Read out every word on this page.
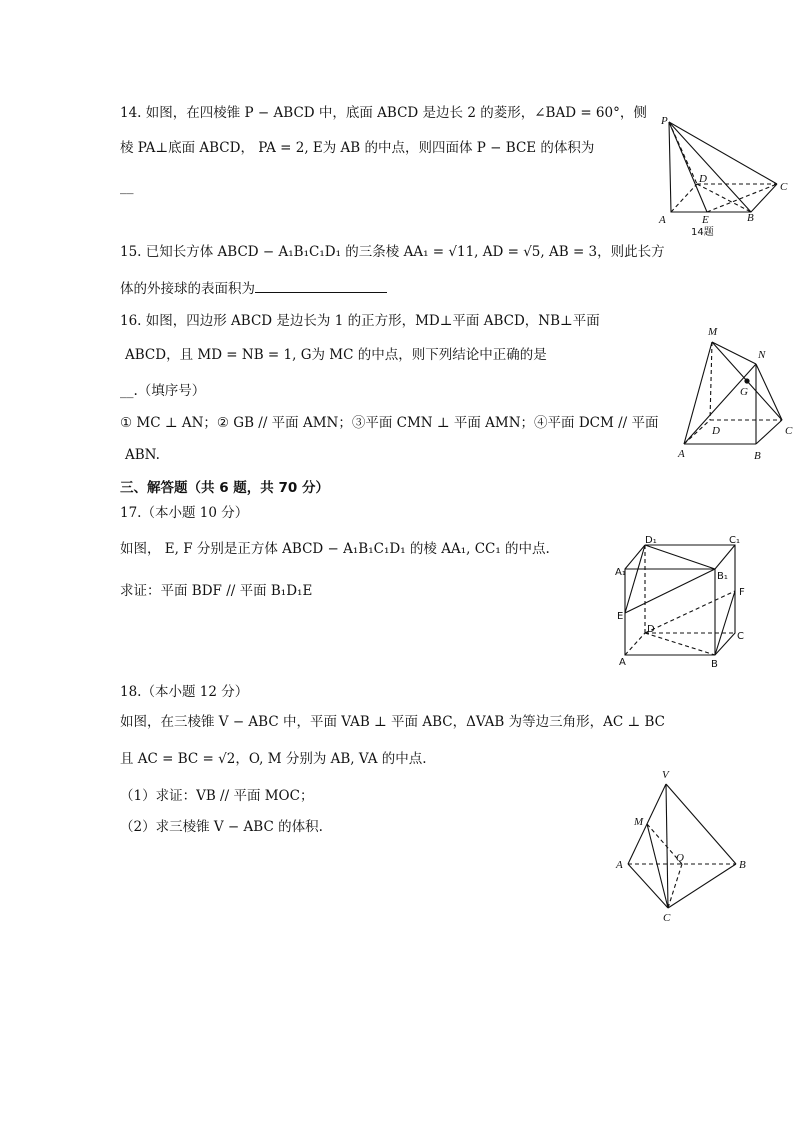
14. 如图，在四棱锥 P − ABCD 中，底面 ABCD 是边长 2 的菱形，∠BAD = 60°，侧
棱 PA⊥底面 ABCD， PA = 2, E为 AB 的中点，则四面体 P − BCE 的体积为
__
P
D
C
A	E	B
14题
15. 已知长方体 ABCD − A₁B₁C₁D₁ 的三条棱 AA₁ = √11, AD = √5, AB = 3，则此长方
体的外接球的表面积为
16. 如图，四边形 ABCD 是边长为 1 的正方形，MD⊥平面 ABCD，NB⊥平面
ABCD，且 MD = NB = 1, G为 MC 的中点，则下列结论中正确的是
__.（填序号）
① MC ⊥ AN；② GB // 平面 AMN；③平面 CMN ⊥ 平面 AMN；④平面 DCM // 平面
ABN.
M
N
G
D	C
A	B
三、解答题（共 6 题，共 70 分）
17.（本小题 10 分）
如图， E, F 分别是正方体 ABCD − A₁B₁C₁D₁ 的棱 AA₁, CC₁ 的中点.
求证：平面 BDF // 平面 B₁D₁E
D₁	C₁
A₁	B₁
E
F
D
C
A	B
18.（本小题 12 分）
如图，在三棱锥 V − ABC 中，平面 VAB ⊥ 平面 ABC，ΔVAB 为等边三角形，AC ⊥ BC
且 AC = BC = √2，O, M 分别为 AB, VA 的中点.
（1）求证：VB // 平面 MOC；
（2）求三棱锥 V − ABC 的体积.
V
M
O
A	B
C
